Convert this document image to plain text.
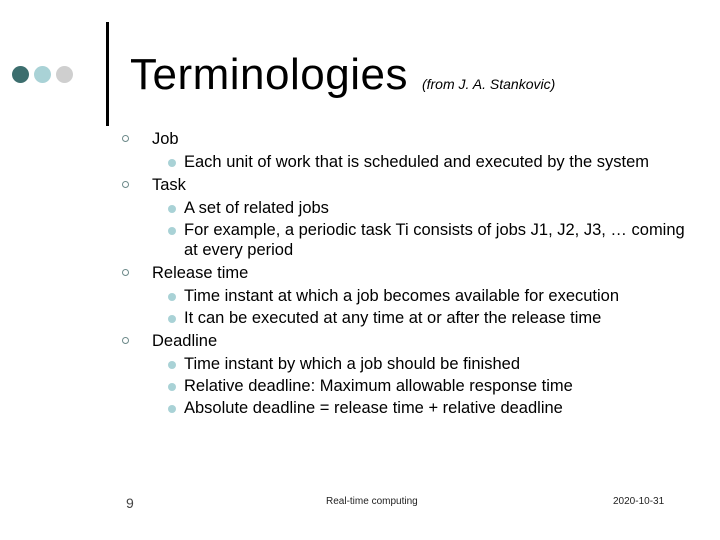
Terminologies (from J. A. Stankovic)
Job
Each unit of work that is scheduled and executed by the system
Task
A set of related jobs
For example, a periodic task Ti consists of jobs J1, J2, J3, … coming at every period
Release time
Time instant at which a job becomes available for execution
It can be executed at any time at or after the release time
Deadline
Time instant by which a job should be finished
Relative deadline: Maximum allowable response time
Absolute deadline = release time + relative deadline
9	Real-time computing	2020-10-31
